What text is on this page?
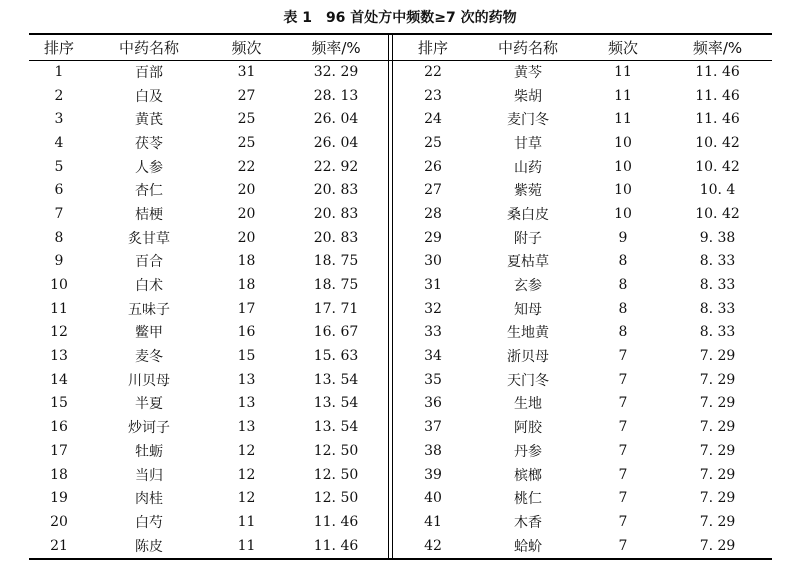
表 1　96 首处方中频数≥7 次的药物
排序	中药名称	频次	频率/%
1	百部	31	32. 29
2	白及	27	28. 13
3	黄芪	25	26. 04
4	茯苓	25	26. 04
5	人参	22	22. 92
6	杏仁	20	20. 83
7	桔梗	20	20. 83
8	炙甘草	20	20. 83
9	百合	18	18. 75
10	白术	18	18. 75
11	五味子	17	17. 71
12	鳖甲	16	16. 67
13	麦冬	15	15. 63
14	川贝母	13	13. 54
15	半夏	13	13. 54
16	炒诃子	13	13. 54
17	牡蛎	12	12. 50
18	当归	12	12. 50
19	肉桂	12	12. 50
20	白芍	11	11. 46
21	陈皮	11	11. 46
排序	中药名称	频次	频率/%
22	黄芩	11	11. 46
23	柴胡	11	11. 46
24	麦门冬	11	11. 46
25	甘草	10	10. 42
26	山药	10	10. 42
27	紫菀	10	10. 4
28	桑白皮	10	10. 42
29	附子	9	9. 38
30	夏枯草	8	8. 33
31	玄参	8	8. 33
32	知母	8	8. 33
33	生地黄	8	8. 33
34	浙贝母	7	7. 29
35	天门冬	7	7. 29
36	生地	7	7. 29
37	阿胶	7	7. 29
38	丹参	7	7. 29
39	槟榔	7	7. 29
40	桃仁	7	7. 29
41	木香	7	7. 29
42	蛤蚧	7	7. 29
